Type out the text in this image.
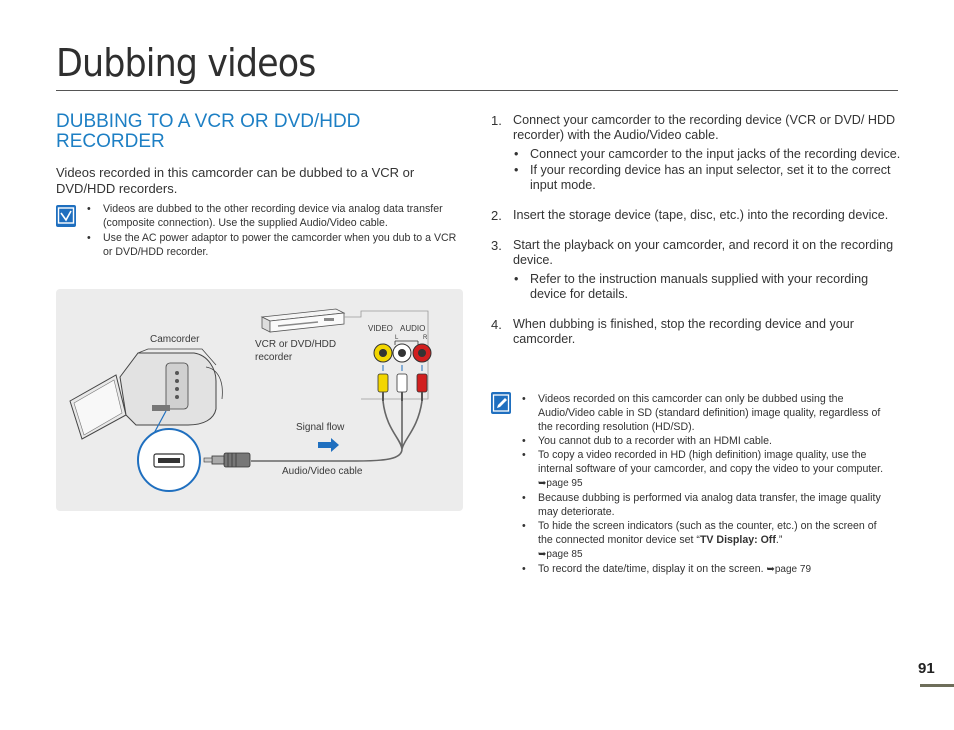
Dubbing videos
DUBBING TO A VCR OR DVD/HDD RECORDER

Videos recorded in this camcorder can be dubbed to a VCR or DVD/HDD recorders.

• Videos are dubbed to the other recording device via analog data transfer (composite connection). Use the supplied Audio/Video cable.
• Use the AC power adaptor to power the camcorder when you dub to a VCR or DVD/HDD recorder.
Camcorder	VCR or DVD/HDD
recorder
VIDEO AUDIO
L	R
Signal flow
Audio/Video cable
1. Connect your camcorder to the recording device (VCR or DVD/ HDD recorder) with the Audio/Video cable.
• Connect your camcorder to the input jacks of the recording device.
• If your recording device has an input selector, set it to the correct input mode.
2. Insert the storage device (tape, disc, etc.) into the recording device.
3. Start the playback on your camcorder, and record it on the recording device.
• Refer to the instruction manuals supplied with your recording device for details.
4. When dubbing is finished, stop the recording device and your camcorder.
• Videos recorded on this camcorder can only be dubbed using the Audio/Video cable in SD (standard definition) image quality, regardless of the recording resolution (HD/SD).
• You cannot dub to a recorder with an HDMI cable.
• To copy a video recorded in HD (high definition) image quality, use the internal software of your camcorder, and copy the video to your computer. ➥page 95
• Because dubbing is performed via analog data transfer, the image quality may deteriorate.
• To hide the screen indicators (such as the counter, etc.) on the screen of the connected monitor device set “TV Display: Off.”
➥page 85
• To record the date/time, display it on the screen. ➥page 79
91
